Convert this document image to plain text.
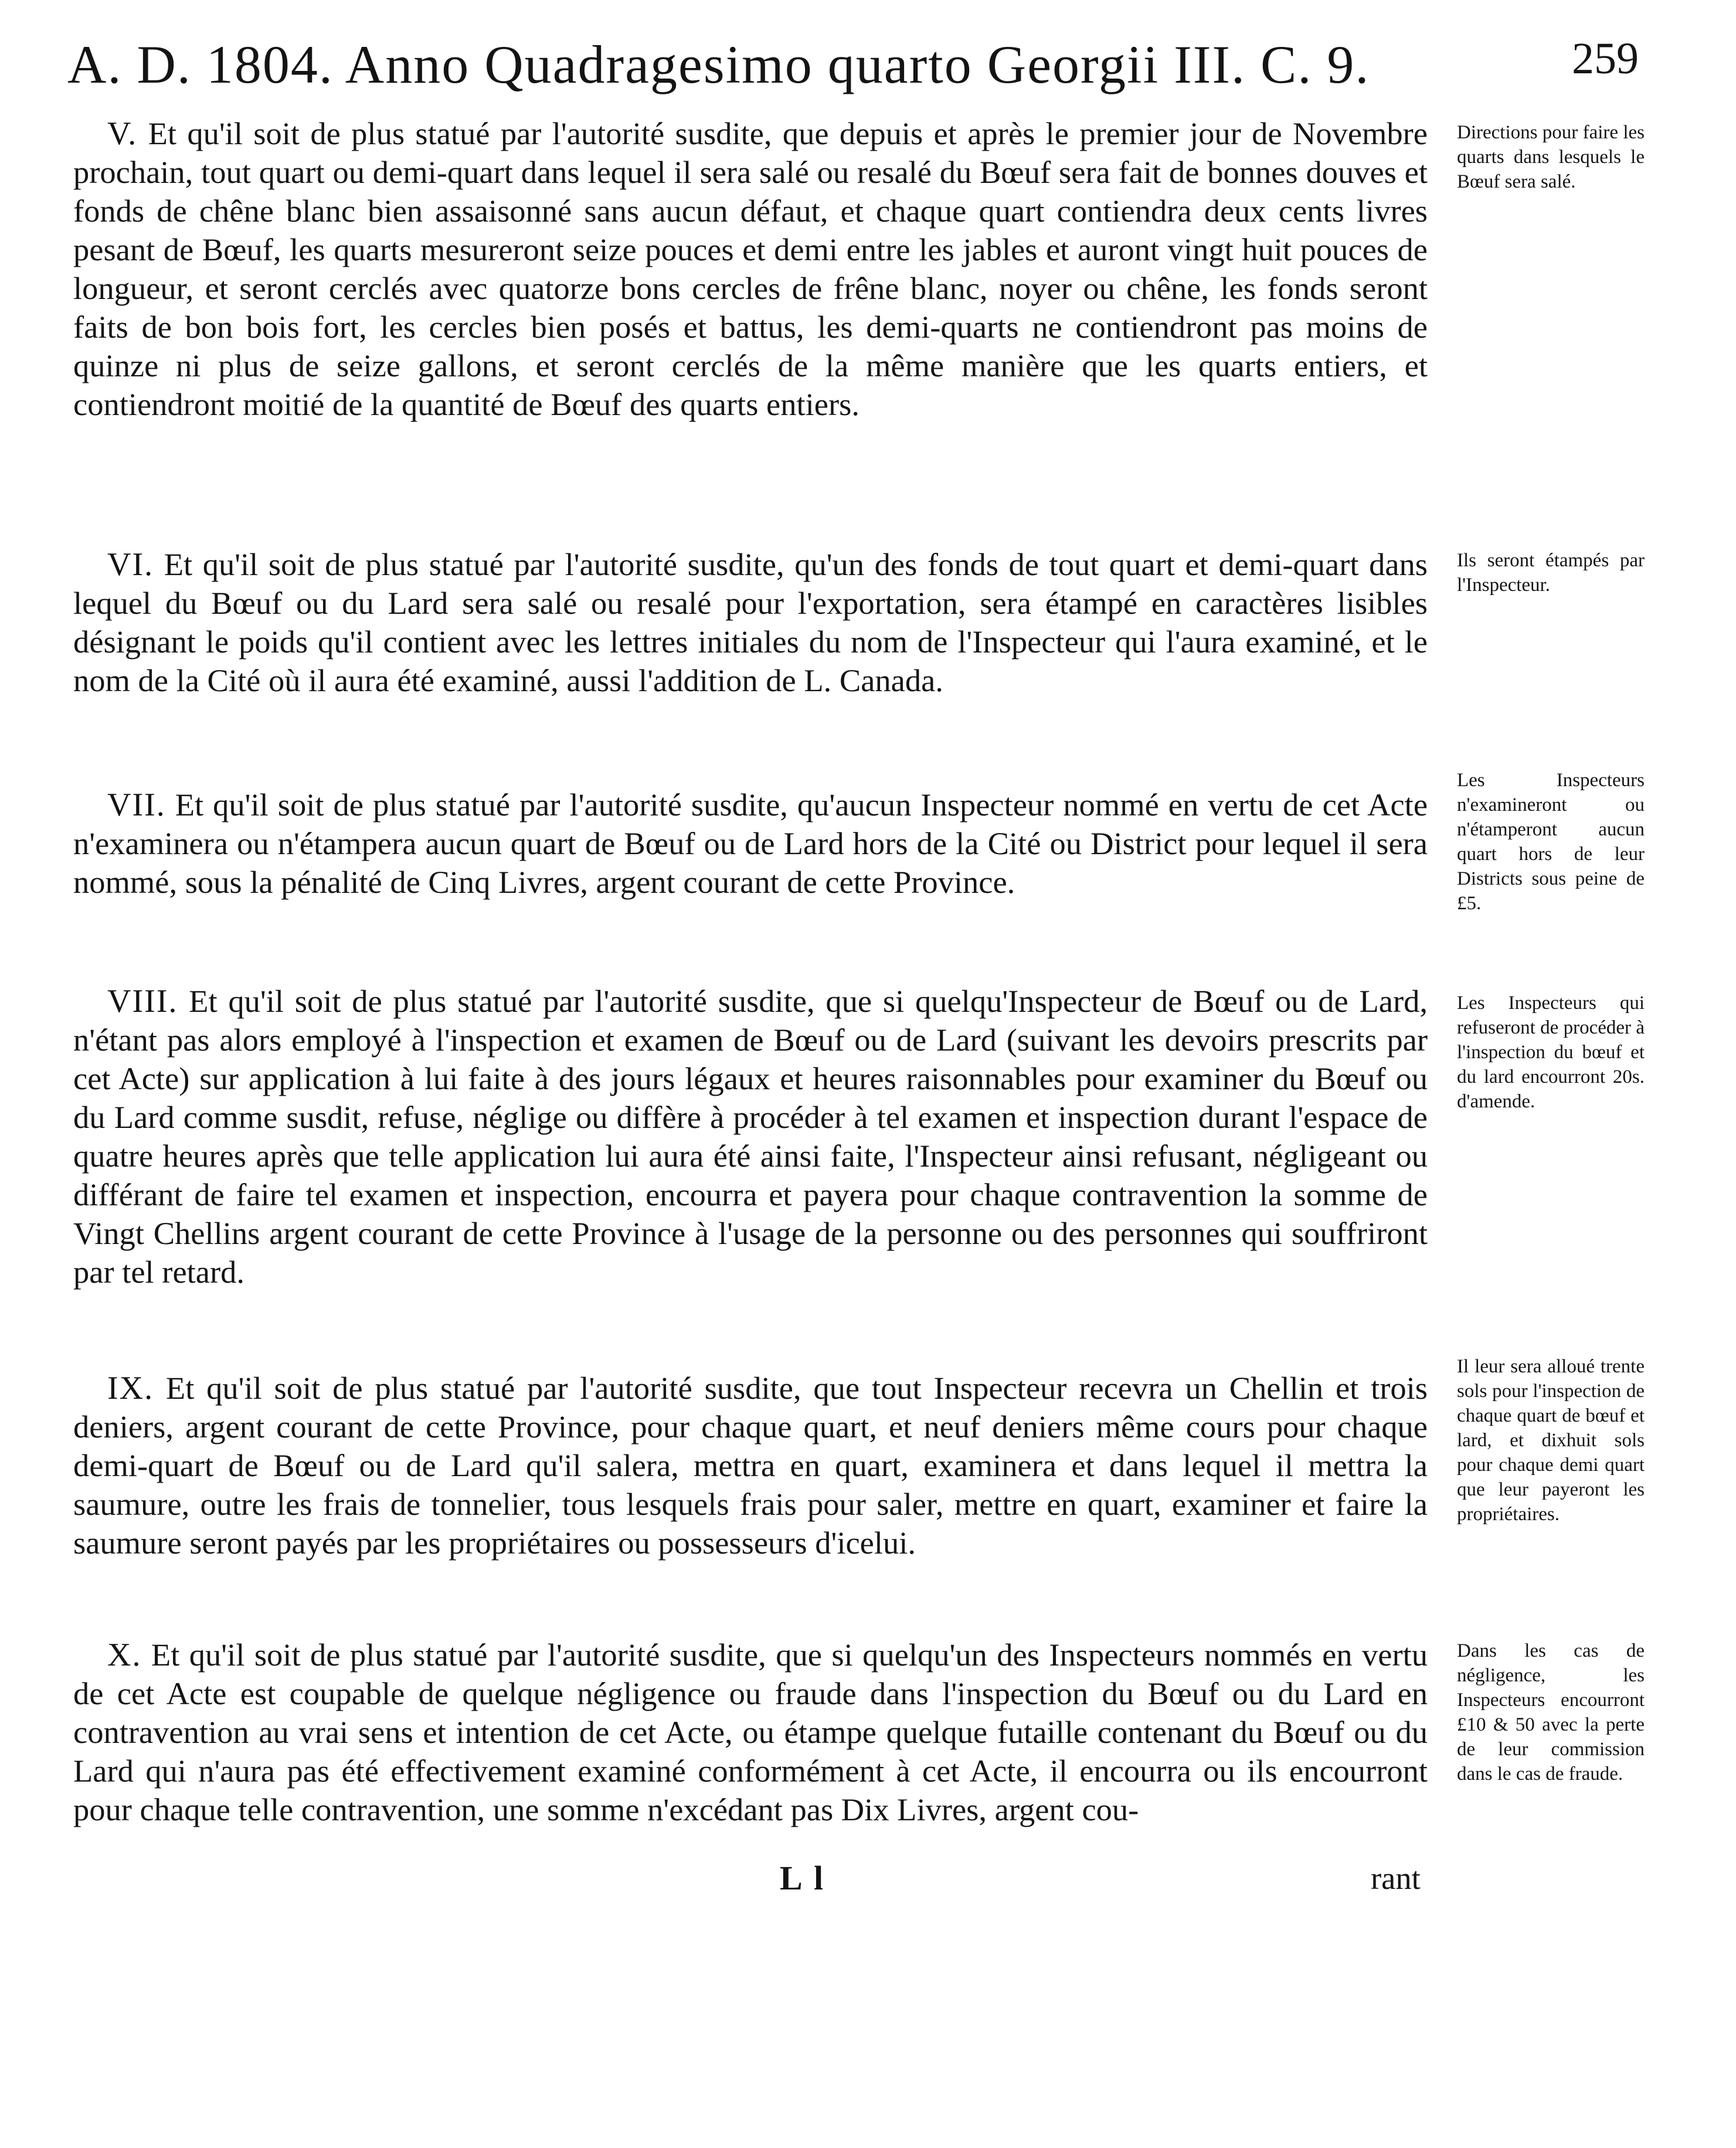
A. D. 1804. Anno Quadragesimo quarto Georgii III. C. 9.	259

V. Et qu'il soit de plus statué par l'autorité susdite, que depuis et après le premier jour de Novembre prochain, tout quart ou demi-quart dans lequel il sera salé ou resalé du Bœuf sera fait de bonnes douves et fonds de chêne blanc bien assaisonné sans aucun défaut, et chaque quart contiendra deux cents livres pesant de Bœuf, les quarts mesureront seize pouces et demi entre les jables et auront vingt huit pouces de longueur, et seront cerclés avec quatorze bons cercles de frêne blanc, noyer ou chêne, les fonds seront faits de bon bois fort, les cercles bien posés et battus, les demi-quarts ne contiendront pas moins de quinze ni plus de seize gallons, et seront cerclés de la même manière que les quarts entiers, et contiendront moitié de la quantité de Bœuf des quarts entiers.

VI. Et qu'il soit de plus statué par l'autorité susdite, qu'un des fonds de tout quart et demi-quart dans lequel du Bœuf ou du Lard sera salé ou resalé pour l'exportation, sera étampé en caractères lisibles désignant le poids qu'il contient avec les lettres initiales du nom de l'Inspecteur qui l'aura examiné, et le nom de la Cité où il aura été examiné, aussi l'addition de L. Canada.

VII. Et qu'il soit de plus statué par l'autorité susdite, qu'aucun Inspecteur nommé en vertu de cet Acte n'examinera ou n'étampera aucun quart de Bœuf ou de Lard hors de la Cité ou District pour lequel il sera nommé, sous la pénalité de Cinq Livres, argent courant de cette Province.

VIII. Et qu'il soit de plus statué par l'autorité susdite, que si quelqu'Inspecteur de Bœuf ou de Lard, n'étant pas alors employé à l'inspection et examen de Bœuf ou de Lard (suivant les devoirs prescrits par cet Acte) sur application à lui faite à des jours légaux et heures raisonnables pour examiner du Bœuf ou du Lard comme susdit, refuse, néglige ou diffère à procéder à tel examen et inspection durant l'espace de quatre heures après que telle application lui aura été ainsi faite, l'Inspecteur ainsi refusant, négligeant ou différant de faire tel examen et inspection, encourra et payera pour chaque contravention la somme de Vingt Chellins argent courant de cette Province à l'usage de la personne ou des personnes qui souffriront par tel retard.

IX. Et qu'il soit de plus statué par l'autorité susdite, que tout Inspecteur recevra un Chellin et trois deniers, argent courant de cette Province, pour chaque quart, et neuf deniers même cours pour chaque demi-quart de Bœuf ou de Lard qu'il salera, mettra en quart, examinera et dans lequel il mettra la saumure, outre les frais de tonnelier, tous lesquels frais pour saler, mettre en quart, examiner et faire la saumure seront payés par les propriétaires ou possesseurs d'icelui.

X. Et qu'il soit de plus statué par l'autorité susdite, que si quelqu'un des Inspecteurs nommés en vertu de cet Acte est coupable de quelque négligence ou fraude dans l'inspection du Bœuf ou du Lard en contravention au vrai sens et intention de cet Acte, ou étampe quelque futaille contenant du Bœuf ou du Lard qui n'aura pas été effectivement examiné conformément à cet Acte, il encourra ou ils encourront pour chaque telle contravention, une somme n'excédant pas Dix Livres, argent cou-

Directions pour faire les quarts dans lesquels le Bœuf sera salé.
Ils seront étampés par l'Inspecteur.
Les Inspecteurs n'examineront ou n'étamperont aucun quart hors de leur Districts sous peine de £5.
Les Inspecteurs qui refuseront de procéder à l'inspection du bœuf et du lard encourront 20s. d'amende.
Il leur sera alloué trente sols pour l'inspection de chaque quart de bœuf et lard, et dixhuit sols pour chaque demi quart que leur payeront les propriétaires.
Dans les cas de négligence, les Inspecteurs encourront £10 & 50 avec la perte de leur commission dans le cas de fraude.
L l	rant
